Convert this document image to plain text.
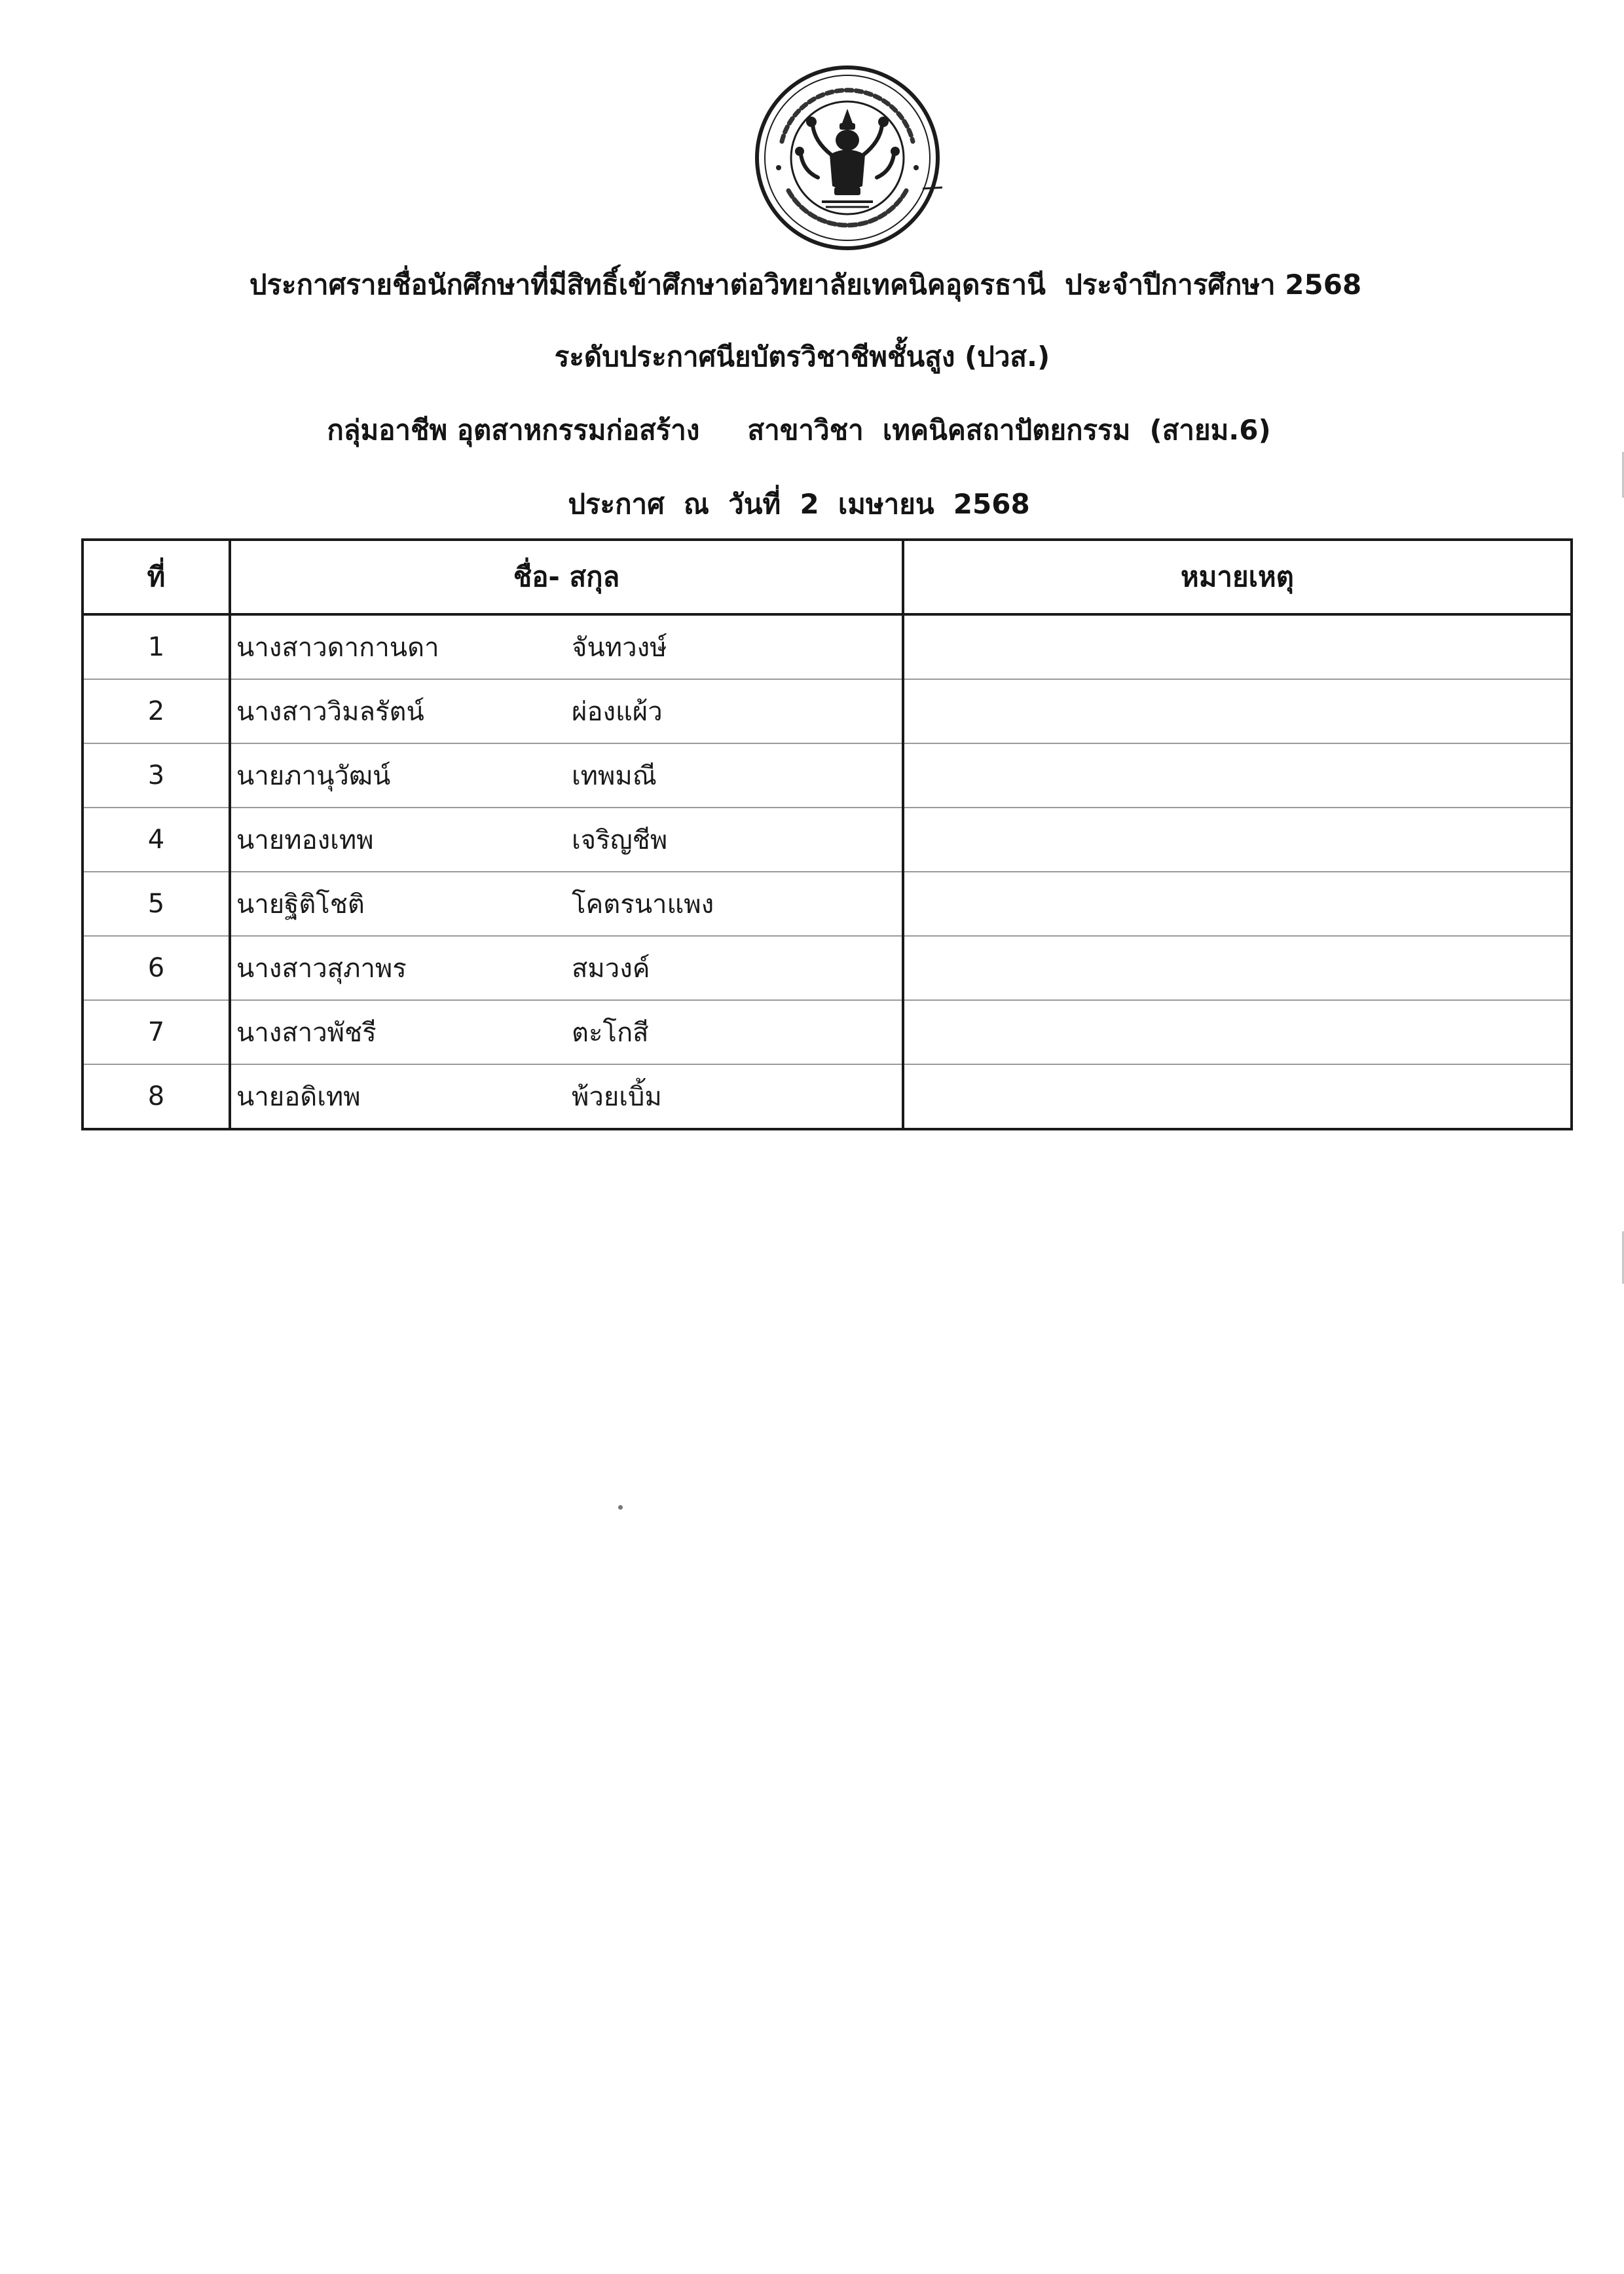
ประกาศรายชื่อนักศึกษาที่มีสิทธิ์เข้าศึกษาต่อวิทยาลัยเทคนิคอุดรธานี  ประจำปีการศึกษา 2568
ระดับประกาศนียบัตรวิชาชีพชั้นสูง (ปวส.)
กลุ่มอาชีพ อุตสาหกรรมก่อสร้าง     สาขาวิชา  เทคนิคสถาปัตยกรรม  (สายม.6)
ประกาศ  ณ  วันที่  2  เมษายน  2568
ที่	ชื่อ- สกุล	หมายเหตุ
1	นางสาวดากานดา จันทวงษ์	
2	นางสาววิมลรัตน์ ผ่องแผ้ว	
3	นายภานุวัฒน์ เทพมณี	
4	นายทองเทพ เจริญชีพ	
5	นายฐิติโชติ โคตรนาแพง	
6	นางสาวสุภาพร สมวงค์	
7	นางสาวพัชรี ตะโกสี	
8	นายอดิเทพ พ้วยเบิ้ม	
